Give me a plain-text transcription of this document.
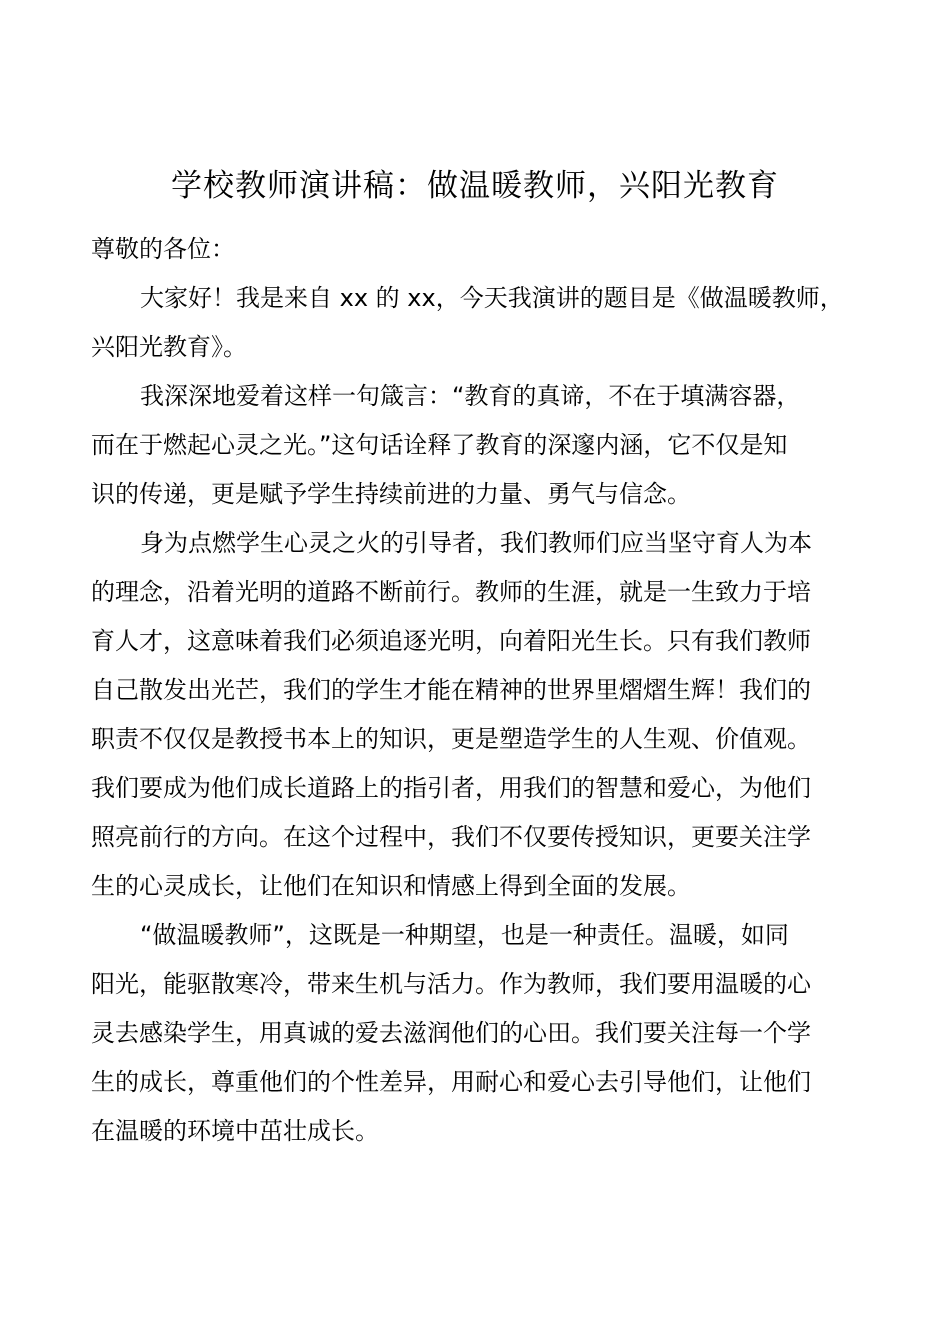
学校教师演讲稿：做温暖教师，兴阳光教育
尊敬的各位：
大家好！我是来自 xx 的 xx，今天我演讲的题目是《做温暖教师，
兴阳光教育》。
我深深地爱着这样一句箴言：“教育的真谛，不在于填满容器，
而在于燃起心灵之光。”这句话诠释了教育的深邃内涵，它不仅是知
识的传递，更是赋予学生持续前进的力量、勇气与信念。
身为点燃学生心灵之火的引导者，我们教师们应当坚守育人为本
的理念，沿着光明的道路不断前行。教师的生涯，就是一生致力于培
育人才，这意味着我们必须追逐光明，向着阳光生长。只有我们教师
自己散发出光芒，我们的学生才能在精神的世界里熠熠生辉！我们的
职责不仅仅是教授书本上的知识，更是塑造学生的人生观、价值观。
我们要成为他们成长道路上的指引者，用我们的智慧和爱心，为他们
照亮前行的方向。在这个过程中，我们不仅要传授知识，更要关注学
生的心灵成长，让他们在知识和情感上得到全面的发展。
“做温暖教师”，这既是一种期望，也是一种责任。温暖，如同
阳光，能驱散寒冷，带来生机与活力。作为教师，我们要用温暖的心
灵去感染学生，用真诚的爱去滋润他们的心田。我们要关注每一个学
生的成长，尊重他们的个性差异，用耐心和爱心去引导他们，让他们
在温暖的环境中茁壮成长。
